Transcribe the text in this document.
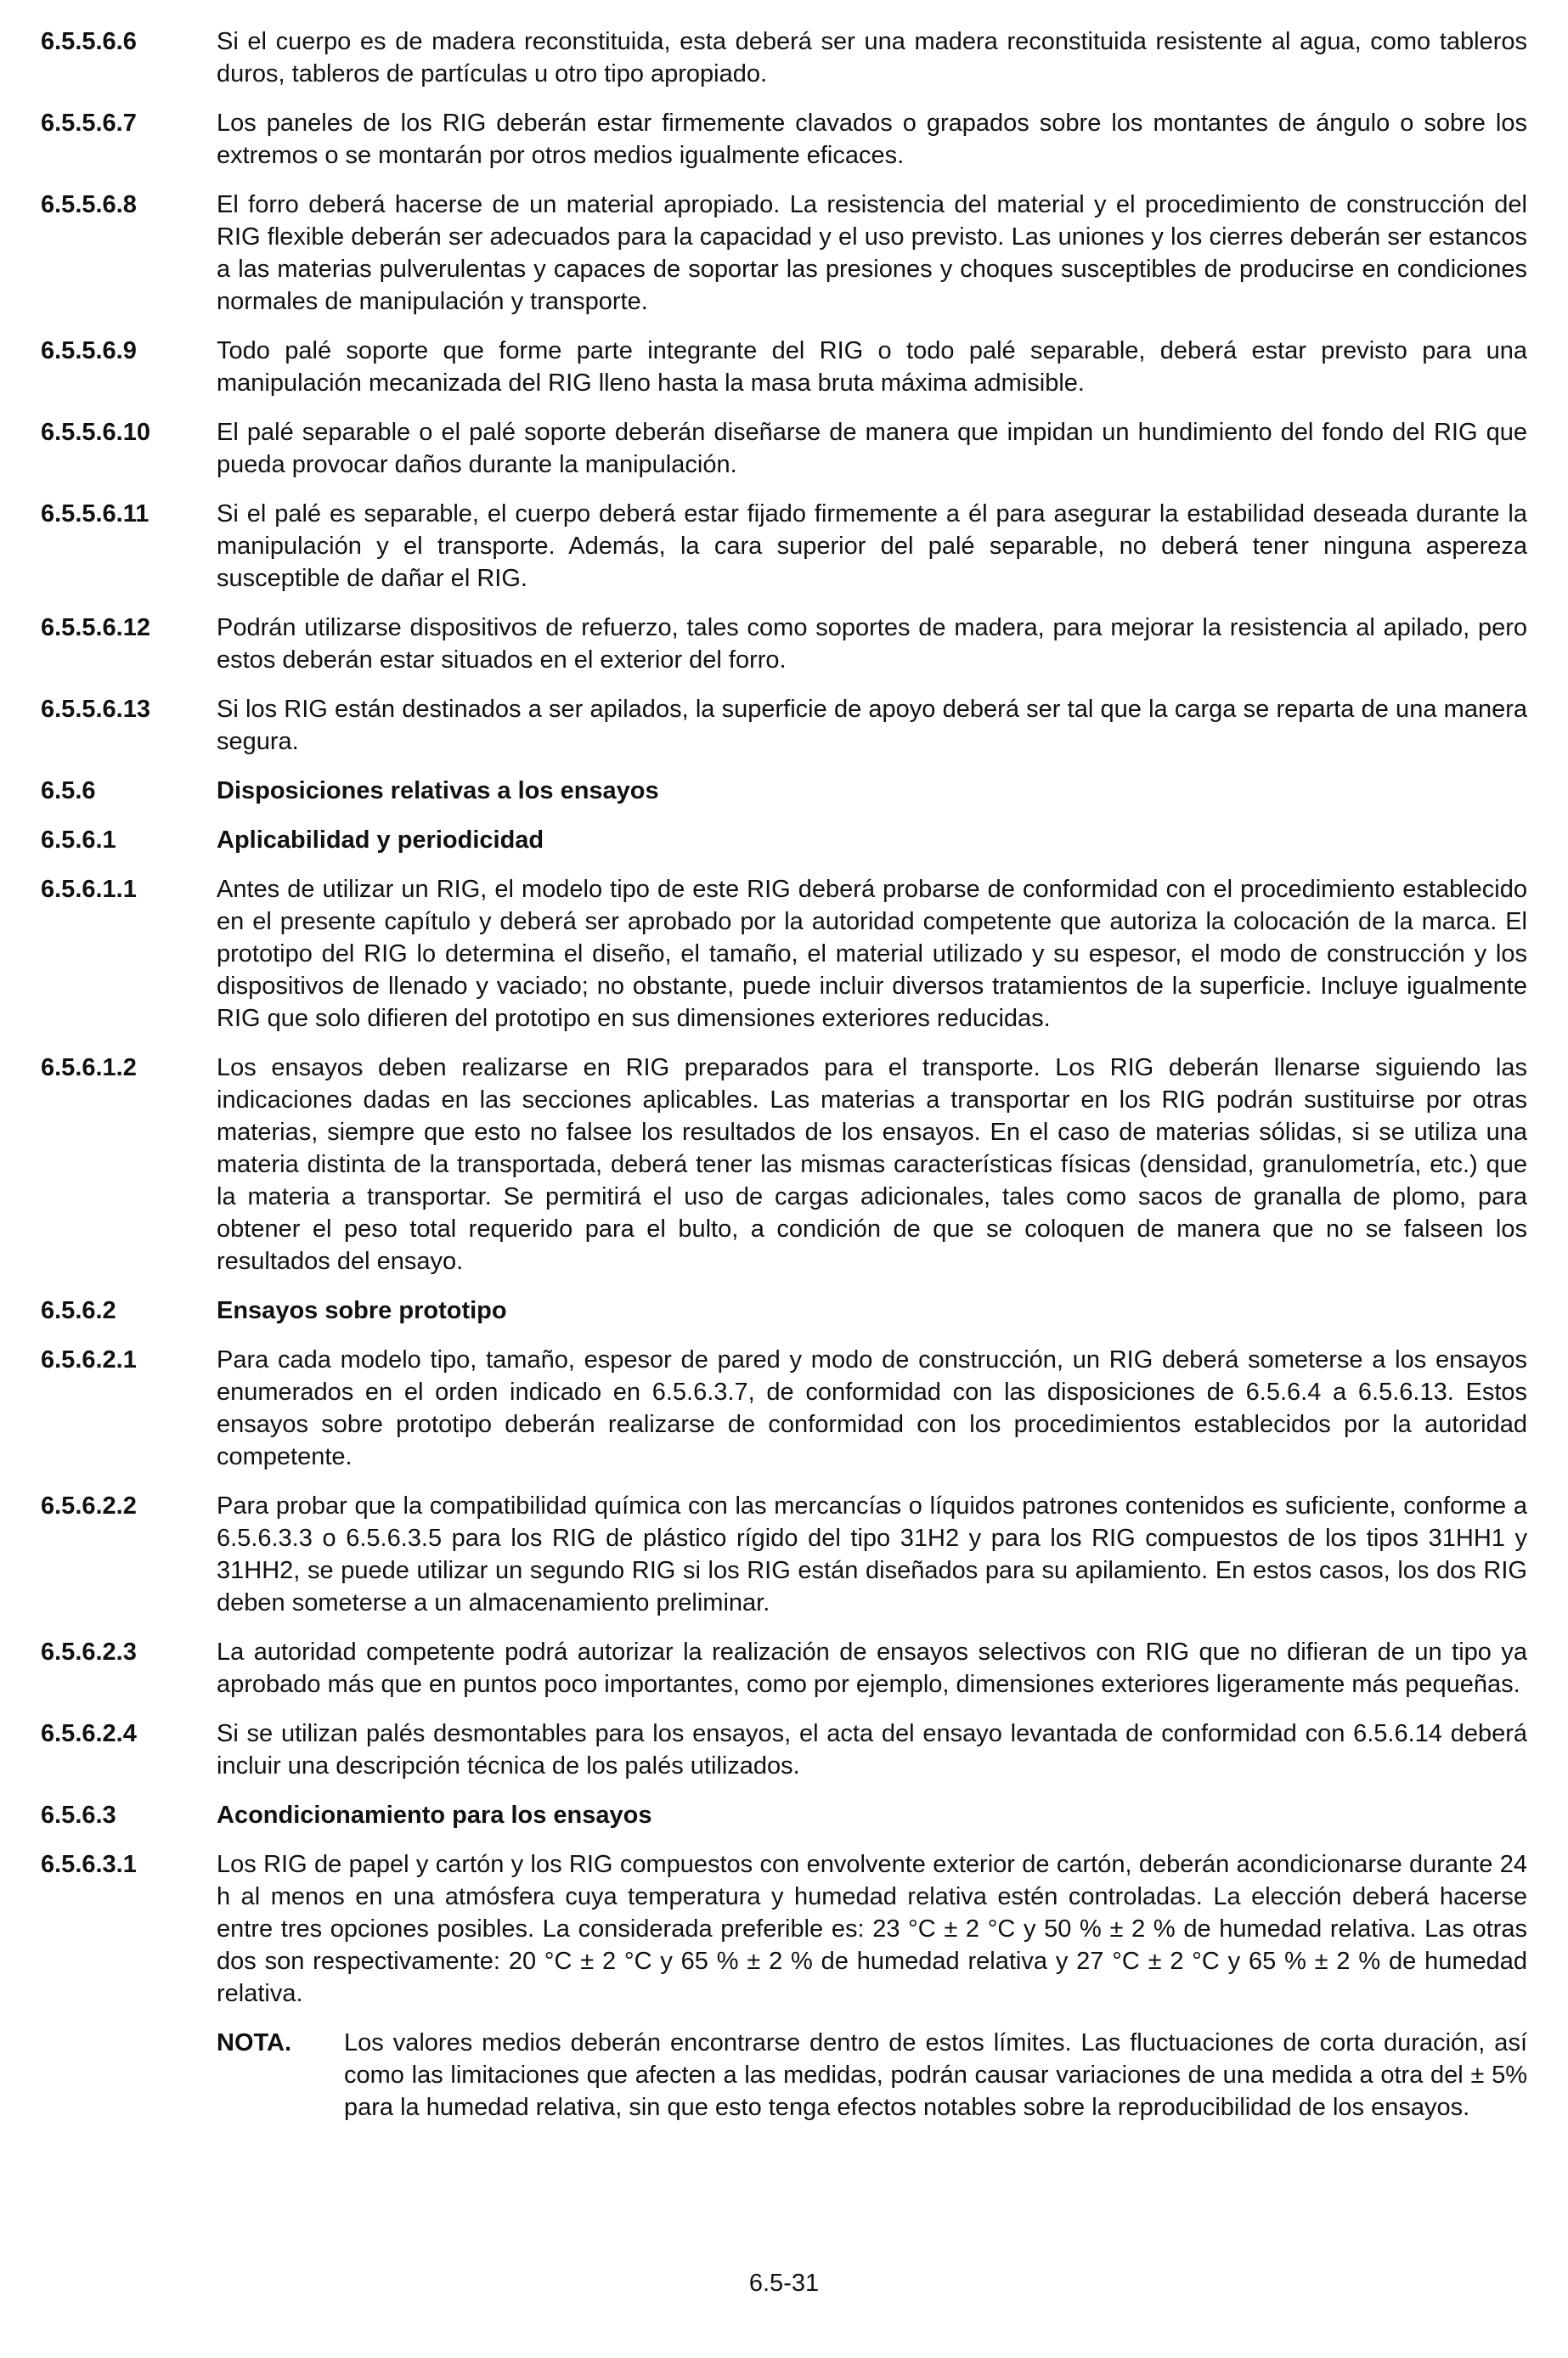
6.5.5.6.6	Si el cuerpo es de madera reconstituida, esta deberá ser una madera reconstituida resistente al agua, como tableros duros, tableros de partículas u otro tipo apropiado.
6.5.5.6.7	Los paneles de los RIG deberán estar firmemente clavados o grapados sobre los montantes de ángulo o sobre los extremos o se montarán por otros medios igualmente eficaces.
6.5.5.6.8	El forro deberá hacerse de un material apropiado. La resistencia del material y el procedimiento de construcción del RIG flexible deberán ser adecuados para la capacidad y el uso previsto. Las uniones y los cierres deberán ser estancos a las materias pulverulentas y capaces de soportar las presiones y choques susceptibles de producirse en condiciones normales de manipulación y transporte.
6.5.5.6.9	Todo palé soporte que forme parte integrante del RIG o todo palé separable, deberá estar previsto para una manipulación mecanizada del RIG lleno hasta la masa bruta máxima admisible.
6.5.5.6.10	El palé separable o el palé soporte deberán diseñarse de manera que impidan un hundimiento del fondo del RIG que pueda provocar daños durante la manipulación.
6.5.5.6.11	Si el palé es separable, el cuerpo deberá estar fijado firmemente a él para asegurar la estabilidad deseada durante la manipulación y el transporte. Además, la cara superior del palé separable, no deberá tener ninguna aspereza susceptible de dañar el RIG.
6.5.5.6.12	Podrán utilizarse dispositivos de refuerzo, tales como soportes de madera, para mejorar la resistencia al apilado, pero estos deberán estar situados en el exterior del forro.
6.5.5.6.13	Si los RIG están destinados a ser apilados, la superficie de apoyo deberá ser tal que la carga se reparta de una manera segura.
6.5.6	Disposiciones relativas a los ensayos
6.5.6.1	Aplicabilidad y periodicidad
6.5.6.1.1	Antes de utilizar un RIG, el modelo tipo de este RIG deberá probarse de conformidad con el procedimiento establecido en el presente capítulo y deberá ser aprobado por la autoridad competente que autoriza la colocación de la marca. El prototipo del RIG lo determina el diseño, el tamaño, el material utilizado y su espesor, el modo de construcción y los dispositivos de llenado y vaciado; no obstante, puede incluir diversos tratamientos de la superficie. Incluye igualmente RIG que solo difieren del prototipo en sus dimensiones exteriores reducidas.
6.5.6.1.2	Los ensayos deben realizarse en RIG preparados para el transporte. Los RIG deberán llenarse siguiendo las indicaciones dadas en las secciones aplicables. Las materias a transportar en los RIG podrán sustituirse por otras materias, siempre que esto no falsee los resultados de los ensayos. En el caso de materias sólidas, si se utiliza una materia distinta de la transportada, deberá tener las mismas características físicas (densidad, granulometría, etc.) que la materia a transportar. Se permitirá el uso de cargas adicionales, tales como sacos de granalla de plomo, para obtener el peso total requerido para el bulto, a condición de que se coloquen de manera que no se falseen los resultados del ensayo.
6.5.6.2	Ensayos sobre prototipo
6.5.6.2.1	Para cada modelo tipo, tamaño, espesor de pared y modo de construcción, un RIG deberá someterse a los ensayos enumerados en el orden indicado en 6.5.6.3.7, de conformidad con las disposiciones de 6.5.6.4 a 6.5.6.13. Estos ensayos sobre prototipo deberán realizarse de conformidad con los procedimientos establecidos por la autoridad competente.
6.5.6.2.2	Para probar que la compatibilidad química con las mercancías o líquidos patrones contenidos es suficiente, conforme a 6.5.6.3.3 o 6.5.6.3.5 para los RIG de plástico rígido del tipo 31H2 y para los RIG compuestos de los tipos 31HH1 y 31HH2, se puede utilizar un segundo RIG si los RIG están diseñados para su apilamiento. En estos casos, los dos RIG deben someterse a un almacenamiento preliminar.
6.5.6.2.3	La autoridad competente podrá autorizar la realización de ensayos selectivos con RIG que no difieran de un tipo ya aprobado más que en puntos poco importantes, como por ejemplo, dimensiones exteriores ligeramente más pequeñas.
6.5.6.2.4	Si se utilizan palés desmontables para los ensayos, el acta del ensayo levantada de conformidad con 6.5.6.14 deberá incluir una descripción técnica de los palés utilizados.
6.5.6.3	Acondicionamiento para los ensayos
6.5.6.3.1	Los RIG de papel y cartón y los RIG compuestos con envolvente exterior de cartón, deberán acondicionarse durante 24 h al menos en una atmósfera cuya temperatura y humedad relativa estén controladas. La elección deberá hacerse entre tres opciones posibles. La considerada preferible es: 23 °C ± 2 °C y 50 % ± 2 % de humedad relativa. Las otras dos son respectivamente: 20 °C ± 2 °C y 65 % ± 2 % de humedad relativa y 27 °C ± 2 °C y 65 % ± 2 % de humedad relativa.
NOTA.	Los valores medios deberán encontrarse dentro de estos límites. Las fluctuaciones de corta duración, así como las limitaciones que afecten a las medidas, podrán causar variaciones de una medida a otra del ± 5% para la humedad relativa, sin que esto tenga efectos notables sobre la reproducibilidad de los ensayos.
6.5-31
